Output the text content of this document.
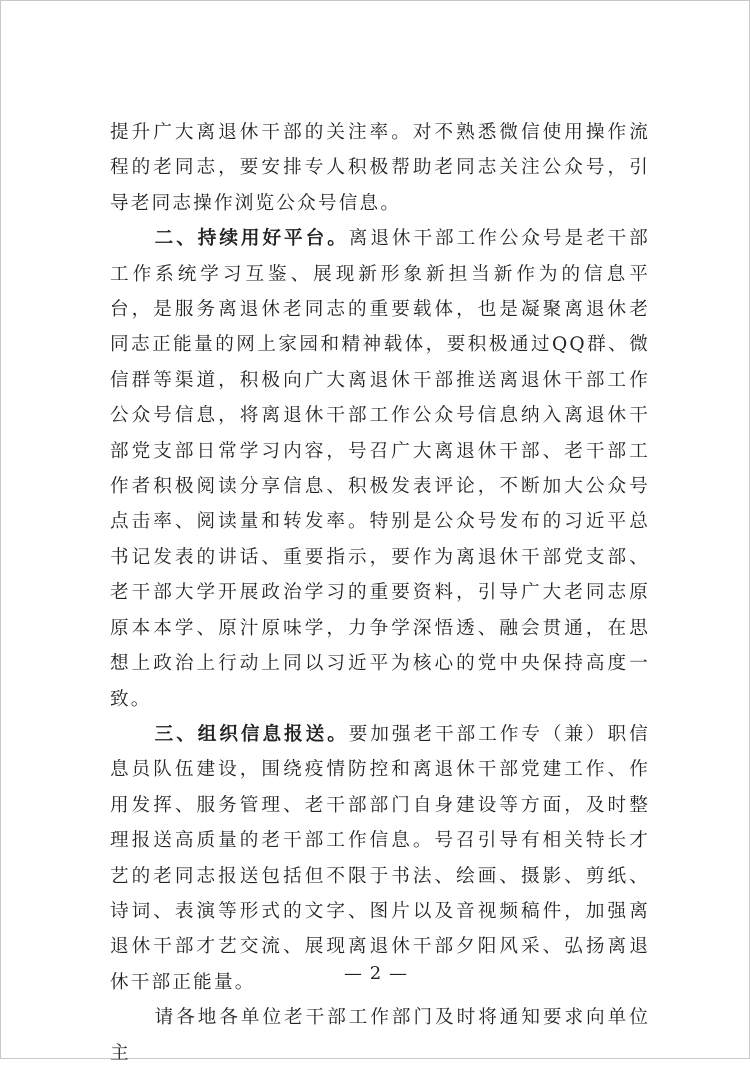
提升广大离退休干部的关注率。对不熟悉微信使用操作流程的老同志，要安排专人积极帮助老同志关注公众号，引导老同志操作浏览公众号信息。

二、持续用好平台。离退休干部工作公众号是老干部工作系统学习互鉴、展现新形象新担当新作为的信息平台，是服务离退休老同志的重要载体，也是凝聚离退休老同志正能量的网上家园和精神载体，要积极通过QQ群、微信群等渠道，积极向广大离退休干部推送离退休干部工作公众号信息，将离退休干部工作公众号信息纳入离退休干部党支部日常学习内容，号召广大离退休干部、老干部工作者积极阅读分享信息、积极发表评论，不断加大公众号点击率、阅读量和转发率。特别是公众号发布的习近平总书记发表的讲话、重要指示，要作为离退休干部党支部、老干部大学开展政治学习的重要资料，引导广大老同志原原本本学、原汁原味学，力争学深悟透、融会贯通，在思想上政治上行动上同以习近平为核心的党中央保持高度一致。

三、组织信息报送。要加强老干部工作专（兼）职信息员队伍建设，围绕疫情防控和离退休干部党建工作、作用发挥、服务管理、老干部部门自身建设等方面，及时整理报送高质量的老干部工作信息。号召引导有相关特长才艺的老同志报送包括但不限于书法、绘画、摄影、剪纸、诗词、表演等形式的文字、图片以及音视频稿件，加强离退休干部才艺交流、展现离退休干部夕阳风采、弘扬离退休干部正能量。

请各地各单位老干部工作部门及时将通知要求向单位主

— 2 —
